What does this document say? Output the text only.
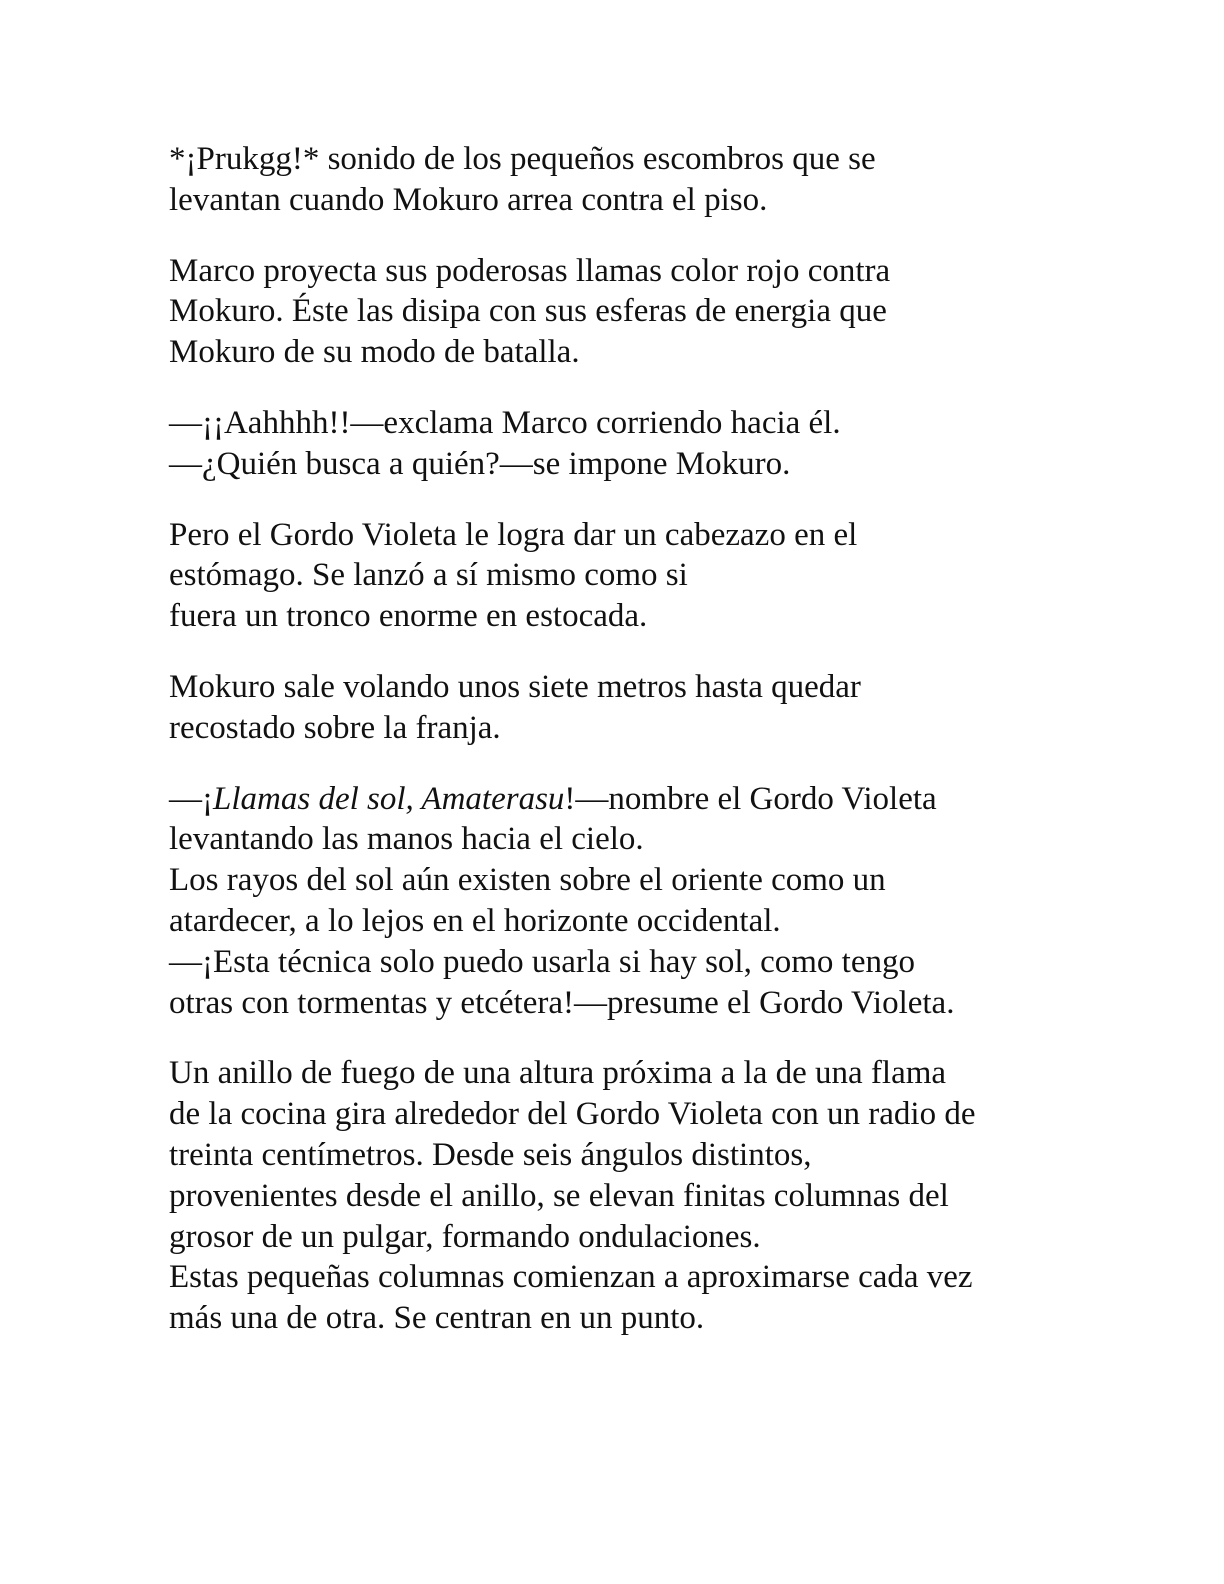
*¡Prukgg!* sonido de los pequeños escombros que se
levantan cuando Mokuro arrea contra el piso.

Marco proyecta sus poderosas llamas color rojo contra
Mokuro. Éste las disipa con sus esferas de energia que
Mokuro de su modo de batalla.

—¡¡Aahhhh!!—exclama Marco corriendo hacia él.
—¿Quién busca a quién?—se impone Mokuro.

Pero el Gordo Violeta le logra dar un cabezazo en el
estómago. Se lanzó a sí mismo como si
fuera un tronco enorme en estocada.

Mokuro sale volando unos siete metros hasta quedar
recostado sobre la franja.

—¡Llamas del sol, Amaterasu!—nombre el Gordo Violeta
levantando las manos hacia el cielo.
Los rayos del sol aún existen sobre el oriente como un
atardecer, a lo lejos en el horizonte occidental.
—¡Esta técnica solo puedo usarla si hay sol, como tengo
otras con tormentas y etcétera!—presume el Gordo Violeta.

Un anillo de fuego de una altura próxima a la de una flama
de la cocina gira alrededor del Gordo Violeta con un radio de
treinta centímetros. Desde seis ángulos distintos,
provenientes desde el anillo, se elevan finitas columnas del
grosor de un pulgar, formando ondulaciones.
Estas pequeñas columnas comienzan a aproximarse cada vez
más una de otra. Se centran en un punto.
